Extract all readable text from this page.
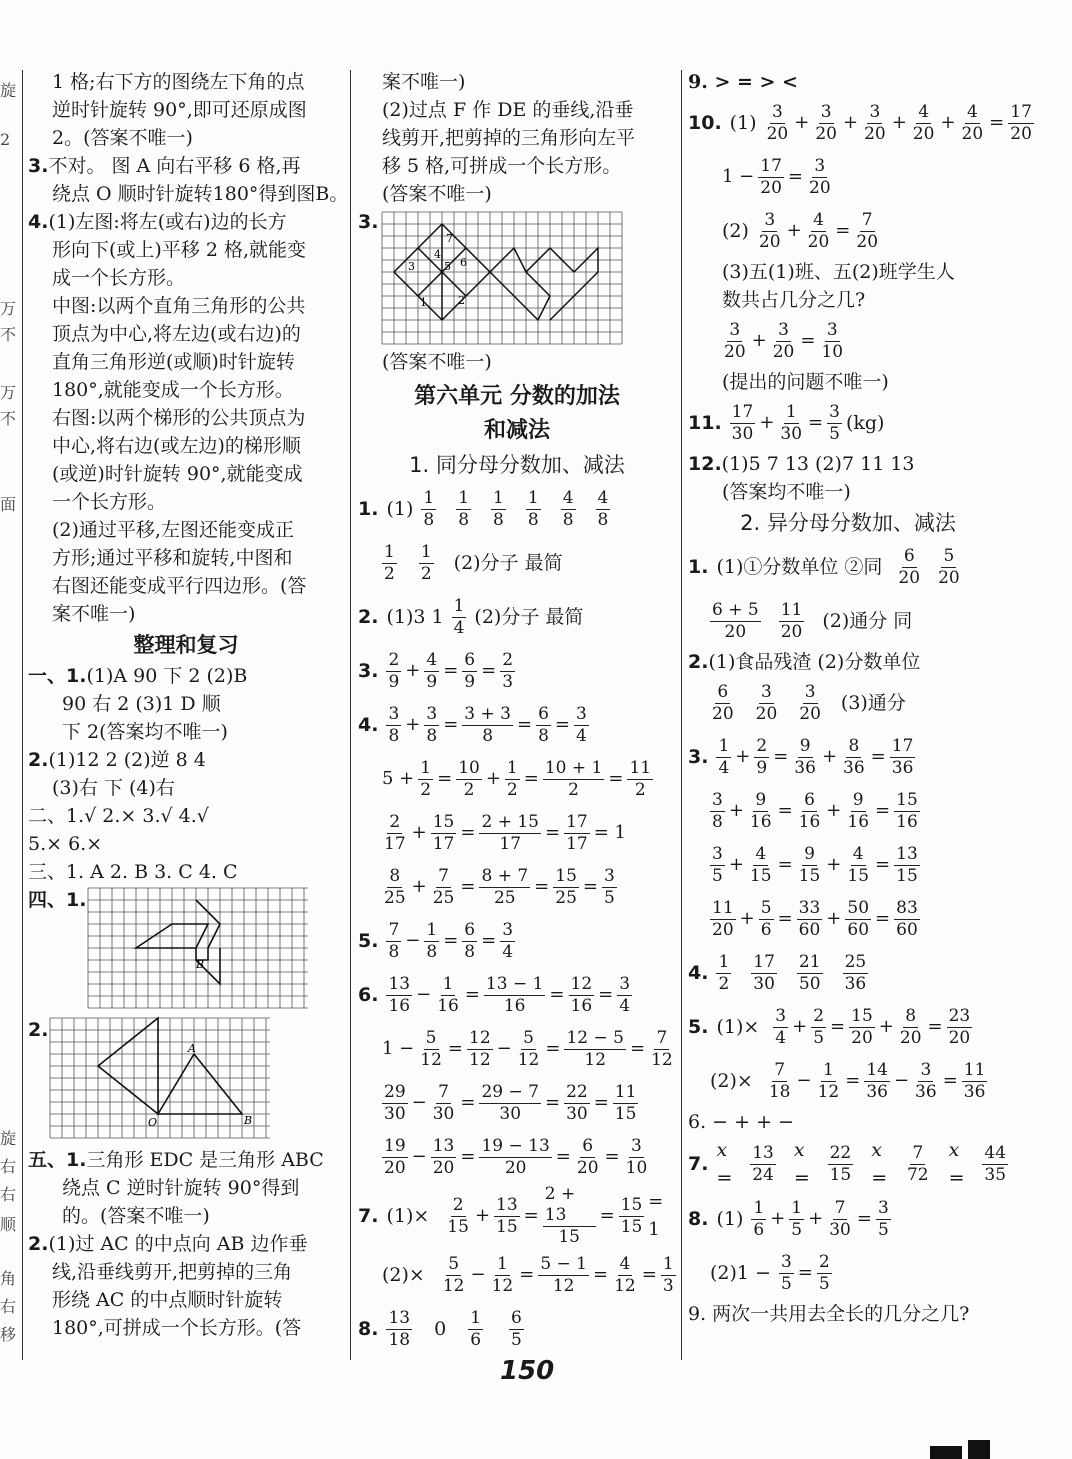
旋
2
万
不
万
不
面
旋
右
右
顺
角
右
移
1 格;右下方的图绕左下角的点
逆时针旋转 90°,即可还原成图
2。(答案不唯一)
3.不对。 图 A 向右平移 6 格,再
绕点 O 顺时针旋转180°得到图B。
4.(1)左图:将左(或右)边的长方
形向下(或上)平移 2 格,就能变
成一个长方形。
中图:以两个直角三角形的公共
顶点为中心,将左边(或右边)的
直角三角形逆(或顺)时针旋转
180°,就能变成一个长方形。
右图:以两个梯形的公共顶点为
中心,将右边(或左边)的梯形顺
(或逆)时针旋转 90°,就能变成
一个长方形。
(2)通过平移,左图还能变成正
方形;通过平移和旋转,中图和
右图还能变成平行四边形。(答
案不唯一)
整理和复习
一、1.(1)A 90 下 2 (2)B
90 右 2 (3)1 D 顺
下 2(答案均不唯一)
2.(1)12 2 (2)逆 8 4
(3)右 下 (4)右
二、1.√ 2.× 3.√ 4.√
5.× 6.×
三、1. A 2. B 3. C 4. C
四、1.
B
2.
A
O	B
五、1.三角形 EDC 是三角形 ABC
绕点 C 逆时针旋转 90°得到
的。(答案不唯一)
2.(1)过 AC 的中点向 AB 边作垂
线,沿垂线剪开,把剪掉的三角
形绕 AC 的中点顺时针旋转
180°,可拼成一个长方形。(答
案不唯一)
(2)过点 F 作 DE 的垂线,沿垂
线剪开,把剪掉的三角形向左平
移 5 格,可拼成一个长方形。
(答案不唯一)
3.
7
4
3	5 6
1	2
(答案不唯一)
第六单元 分数的加法
和减法
1. 同分母分数加、减法
1. $(1) \frac{1}{8} \frac{1}{8} \frac{1}{8} \frac{1}{8} \frac{4}{8} \frac{4}{8}$
$\frac{1}{2} \frac{1}{2} (2)$分子 最简
2. (1)3 $1 \frac{1}{4} (2)$分子 最简
3. $\frac{2}{9} + \frac{4}{9} = \frac{6}{9} = \frac{2}{3}$
4. $\frac{3}{8} + \frac{3}{8} = \frac{3 + 3}{8} = \frac{6}{8} = \frac{3}{4}$
$5 + \frac{1}{2} = \frac{10}{2} + \frac{1}{2} = \frac{10 + 1}{2} = \frac{11}{2}$
$\frac{2}{17} + \frac{15}{17} = \frac{2 + 15}{17} = \frac{17}{17} = 1$
$\frac{8}{25} + \frac{7}{25} = \frac{8 + 7}{25} = \frac{15}{25} = \frac{3}{5}$
5. $\frac{7}{8} - \frac{1}{8} = \frac{6}{8} = \frac{3}{4}$
6. $\frac{13}{16} - \frac{1}{16} = \frac{13 - 1}{16} = \frac{12}{16} = \frac{3}{4}$
$1 - \frac{5}{12} = \frac{12}{12} - \frac{5}{12} = \frac{12 - 5}{12} = \frac{7}{12}$
$\frac{29}{30} - \frac{7}{30} = \frac{29 - 7}{30} = \frac{22}{30} = \frac{11}{15}$
$\frac{19}{20} - \frac{13}{20} = \frac{19 - 13}{20} = \frac{6}{20} = \frac{3}{10}$
7. $(1)\times \frac{2}{15} + \frac{13}{15} = \frac{2 + 13}{15} = \frac{15}{15} = 1$
$(2)\times \frac{5}{12} - \frac{1}{12} = \frac{5 - 1}{12} = \frac{4}{12} = \frac{1}{3}$
8. $\frac{13}{18} 0 \frac{1}{6} \frac{6}{5}$
9. > = > <
10. $(1) \frac{3}{20} + \frac{3}{20} + \frac{3}{20} + \frac{4}{20} + \frac{4}{20} = \frac{17}{20}$
$1 - \frac{17}{20} = \frac{3}{20}$
$(2) \frac{3}{20} + \frac{4}{20} = \frac{7}{20}$
(3)五(1)班、五(2)班学生人
数共占几分之几?
$\frac{3}{20} + \frac{3}{20} = \frac{3}{10}$
(提出的问题不唯一)
11. $\frac{17}{30} + \frac{1}{30} = \frac{3}{5} (kg)$
12.(1)5 7 13 (2)7 11 13
(答案均不唯一)
2. 异分母分数加、减法
1. (1)①分数单位 ②同 $\frac{6}{20} \frac{5}{20}$
$\frac{6 + 5}{20} \frac{11}{20} (2)$通分 同
2.(1)食品残渣 (2)分数单位
$\frac{6}{20} \frac{3}{20} \frac{3}{20} (3)$通分
3. $\frac{1}{4} + \frac{2}{9} = \frac{9}{36} + \frac{8}{36} = \frac{17}{36}$
$\frac{3}{8} + \frac{9}{16} = \frac{6}{16} + \frac{9}{16} = \frac{15}{16}$
$\frac{3}{5} + \frac{4}{15} = \frac{9}{15} + \frac{4}{15} = \frac{13}{15}$
$\frac{11}{20} + \frac{5}{6} = \frac{33}{60} + \frac{50}{60} = \frac{83}{60}$
4. $\frac{1}{2} \frac{17}{30} \frac{21}{50} \frac{25}{36}$
5. $(1)\times \frac{3}{4} + \frac{2}{5} = \frac{15}{20} + \frac{8}{20} = \frac{23}{20}$
$(2)\times \frac{7}{18} - \frac{1}{12} = \frac{14}{36} - \frac{3}{36} = \frac{11}{36}$
6. − + + −
7.
x =	$\frac{13}{24}$ x =	$\frac{22}{15}$ x =	$\frac{7}{72}$ x =	$\frac{44}{35}$
8. $(1) \frac{1}{6} + \frac{1}{5} + \frac{7}{30} = \frac{3}{5}$
$(2)1 - \frac{3}{5} = \frac{2}{5}$
9. 两次一共用去全长的几分之几?
150
